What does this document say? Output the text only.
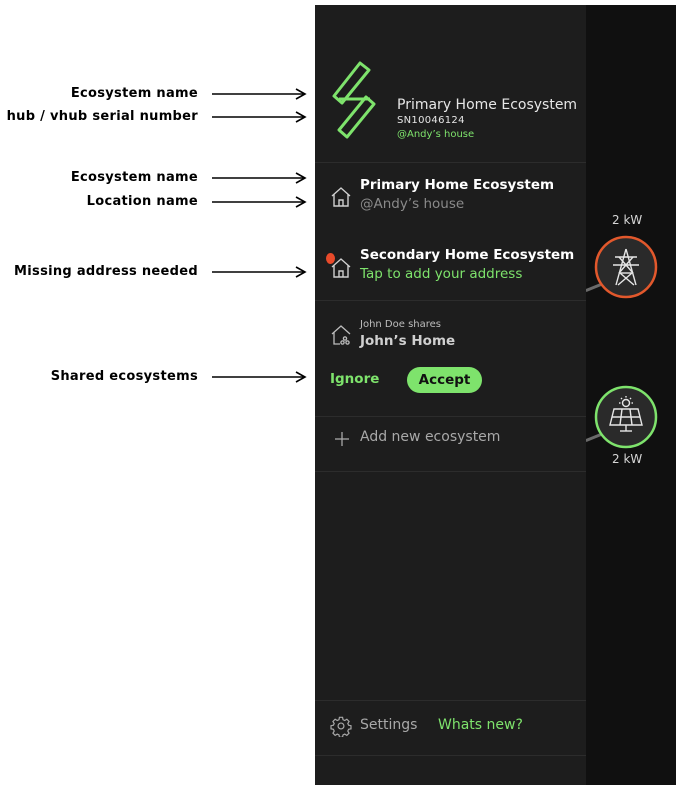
Ecosystem name
hub / vhub serial number
Ecosystem name
Location name
Missing address needed
Shared ecosystems
2 kW
2 kW
Primary Home Ecosystem
SN10046124
@Andy’s house
Primary Home Ecosystem
@Andy’s house
Secondary Home Ecosystem
Tap to add your address
John Doe shares
John’s Home
Ignore	Accept
Add new ecosystem
Settings Whats new?
